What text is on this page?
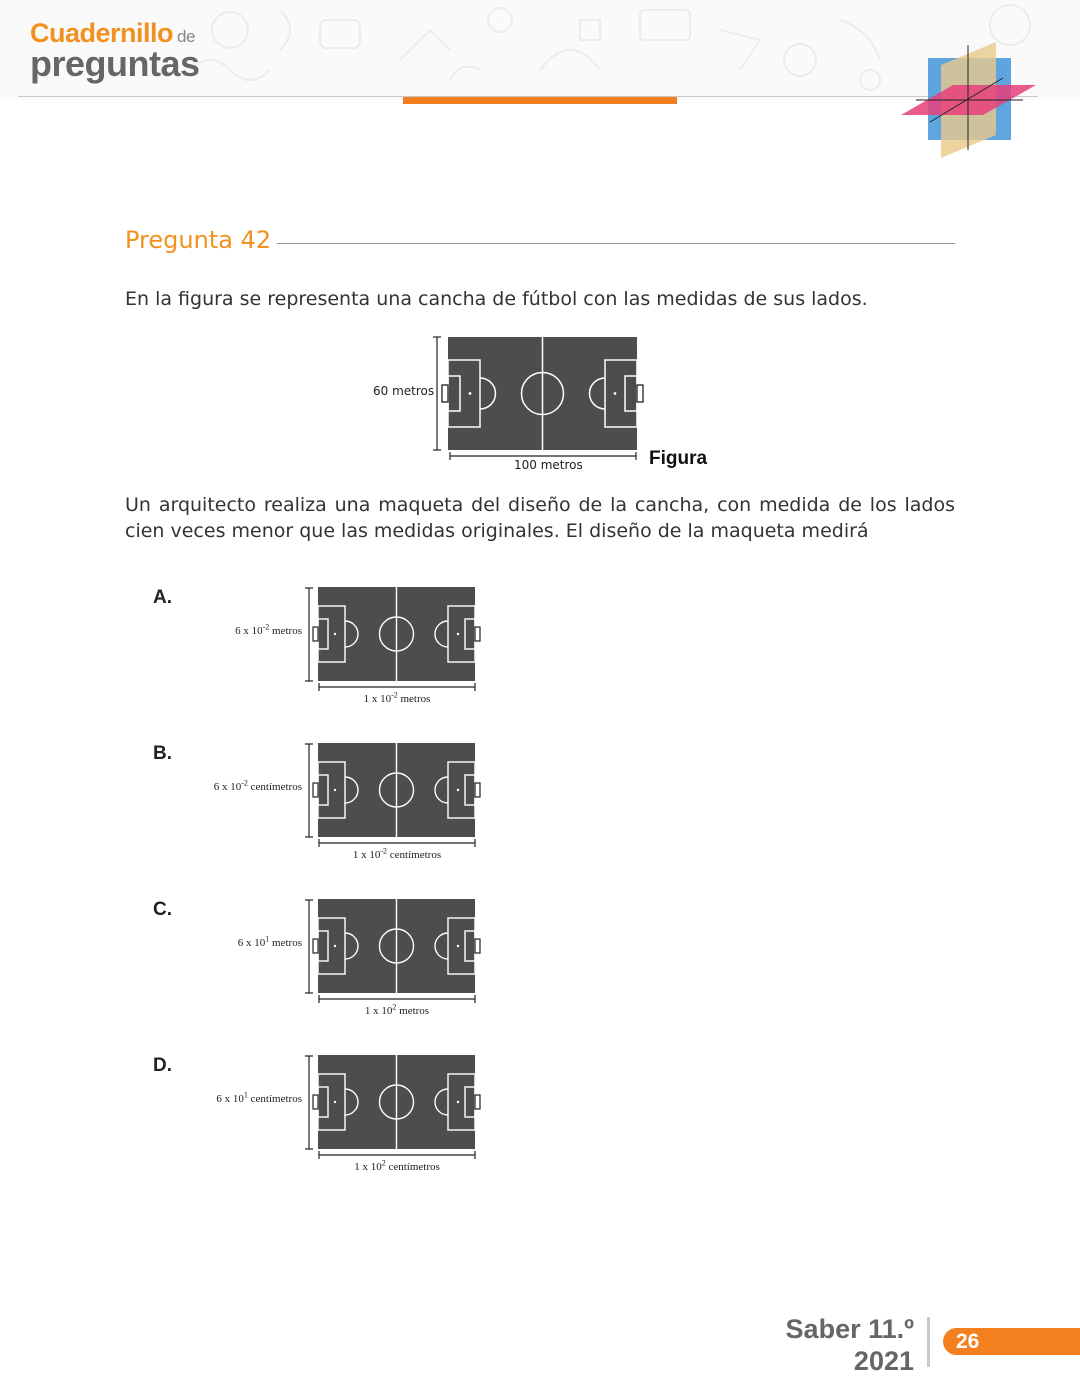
Cuadernillo de
preguntas
Pregunta 42
En la figura se representa una cancha de fútbol con las medidas de sus lados.
60 metros
100 metros	Figura
Un arquitecto realiza una maqueta del diseño de la cancha, con medida de los lados cien veces menor que las medidas originales. El diseño de la maqueta medirá
A.
6 x $10^{-2}$ metros
1 x $10^{-2}$ metros
B.
6 x $10^{-2}$ centímetros
1 x $10^{-2}$ centímetros
C.
6 x $10^1$ metros
1 x $10^2$ metros
D.
6 x $10^1$ centímetros
1 x $10^2$ centímetros
Saber 11.º
2021
26
